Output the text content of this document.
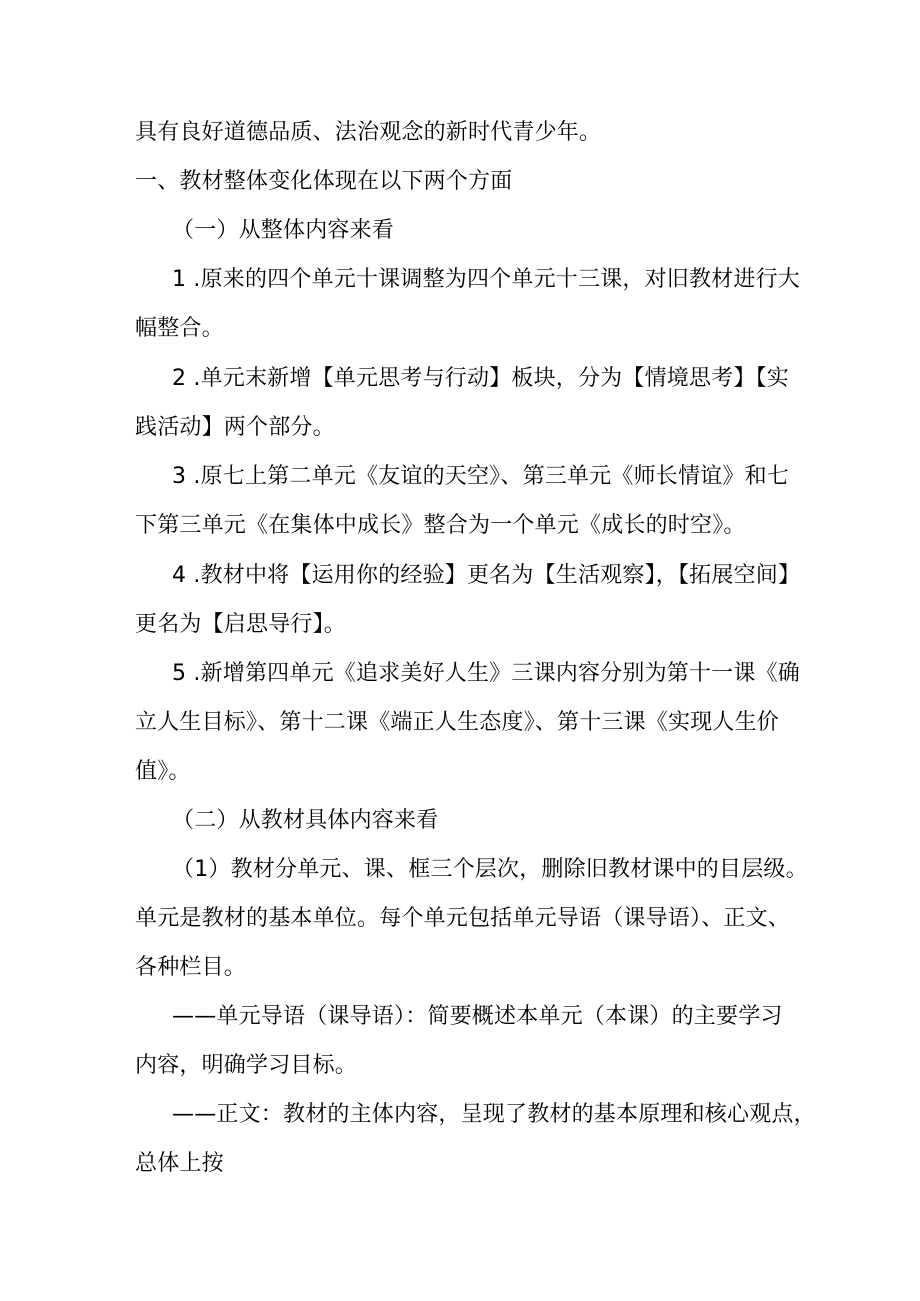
具有良好道德品质、法治观念的新时代青少年。
一、教材整体变化体现在以下两个方面
（一）从整体内容来看
1 .原来的四个单元十课调整为四个单元十三课，对旧教材进行大
幅整合。
2 .单元末新增【单元思考与行动】板块，分为【情境思考】【实
践活动】两个部分。
3 .原七上第二单元《友谊的天空》、第三单元《师长情谊》和七
下第三单元《在集体中成长》整合为一个单元《成长的时空》。
4 .教材中将【运用你的经验】更名为【生活观察】，【拓展空间】
更名为【启思导行】。
5 .新增第四单元《追求美好人生》三课内容分别为第十一课《确
立人生目标》、第十二课《端正人生态度》、第十三课《实现人生价
值》。
（二）从教材具体内容来看
（1）教材分单元、课、框三个层次，删除旧教材课中的目层级。
单元是教材的基本单位。每个单元包括单元导语（课导语）、正文、
各种栏目。
——单元导语（课导语）：简要概述本单元（本课）的主要学习
内容，明确学习目标。
——正文：教材的主体内容，呈现了教材的基本原理和核心观点，
总体上按
